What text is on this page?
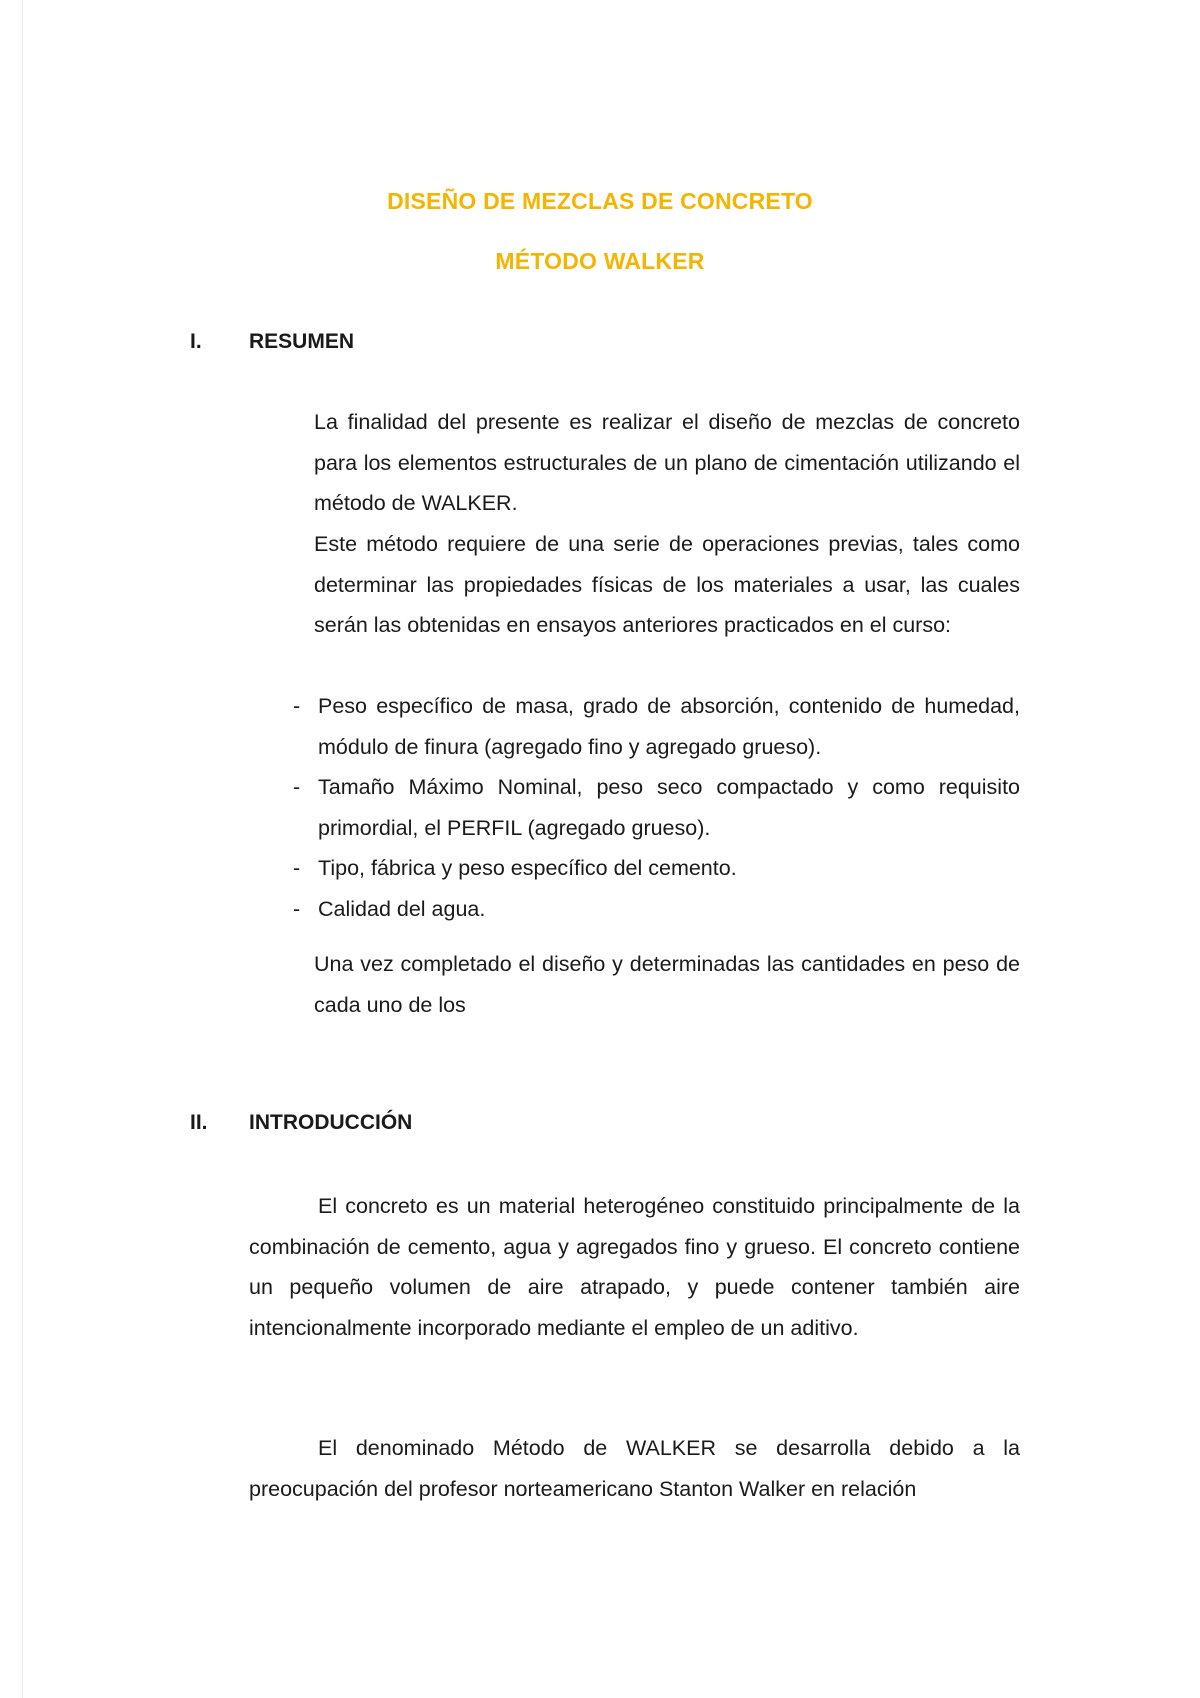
DISEÑO DE MEZCLAS DE CONCRETO
MÉTODO WALKER
I. RESUMEN

La finalidad del presente es realizar el diseño de mezclas de concreto para los elementos estructurales de un plano de cimentación utilizando el método de WALKER.

Este método requiere de una serie de operaciones previas, tales como determinar las propiedades físicas de los materiales a usar, las cuales serán las obtenidas en ensayos anteriores practicados en el curso:

- Peso específico de masa, grado de absorción, contenido de humedad, módulo de finura (agregado fino y agregado grueso).
- Tamaño Máximo Nominal, peso seco compactado y como requisito primordial, el PERFIL (agregado grueso).
- Tipo, fábrica y peso específico del cemento.
- Calidad del agua.

Una vez completado el diseño y determinadas las cantidades en peso de cada uno de los

II. INTRODUCCIÓN

El concreto es un material heterogéneo constituido principalmente de la combinación de cemento, agua y agregados fino y grueso. El concreto contiene un pequeño volumen de aire atrapado, y puede contener también aire intencionalmente incorporado mediante el empleo de un aditivo.

El denominado Método de WALKER se desarrolla debido a la preocupación del profesor norteamericano Stanton Walker en relación
